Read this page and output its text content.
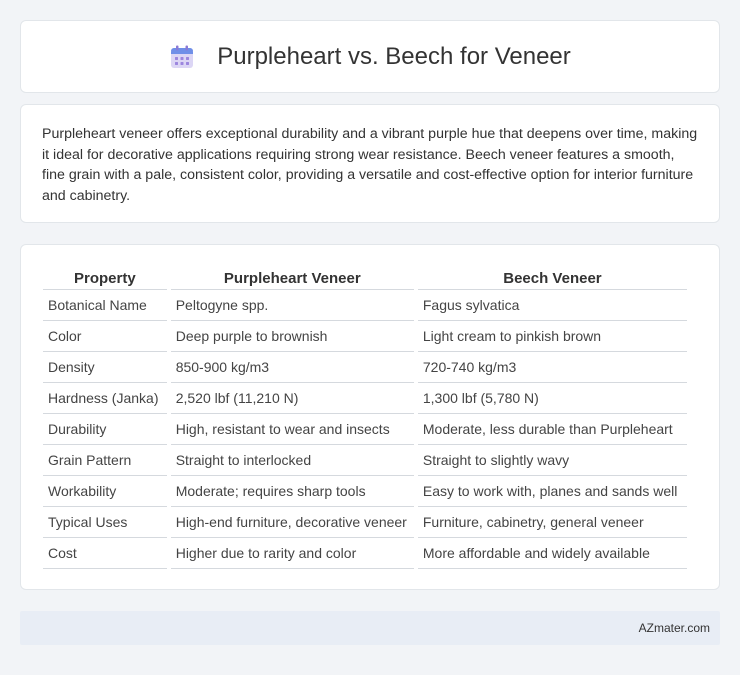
Purpleheart vs. Beech for Veneer

Purpleheart veneer offers exceptional durability and a vibrant purple hue that deepens over time, making it ideal for decorative applications requiring strong wear resistance. Beech veneer features a smooth, fine grain with a pale, consistent color, providing a versatile and cost-effective option for interior furniture and cabinetry.

Property	Purpleheart Veneer	Beech Veneer
Botanical Name	Peltogyne spp.	Fagus sylvatica
Color	Deep purple to brownish	Light cream to pinkish brown
Density	850-900 kg/m3	720-740 kg/m3
Hardness (Janka)	2,520 lbf (11,210 N)	1,300 lbf (5,780 N)
Durability	High, resistant to wear and insects	Moderate, less durable than Purpleheart
Grain Pattern	Straight to interlocked	Straight to slightly wavy
Workability	Moderate; requires sharp tools	Easy to work with, planes and sands well
Typical Uses	High-end furniture, decorative veneer	Furniture, cabinetry, general veneer
Cost	Higher due to rarity and color	More affordable and widely available
AZmater.com
